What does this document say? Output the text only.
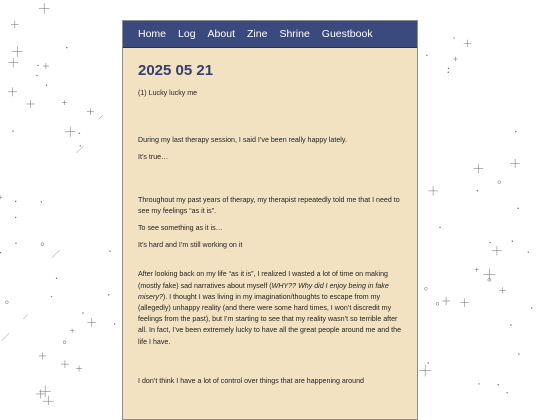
Home Log About Zine Shrine Guestbook
2025 05 21

(1) Lucky lucky me

During my last therapy session, I said I’ve been really happy lately.

It’s true…

Throughout my past years of therapy, my therapist repeatedly told me that I need to see my feelings “as it is”.

To see something as it is…

It’s hard and I’m still working on it

After looking back on my life “as it is”, I realized I wasted a lot of time on making (mostly fake) sad narratives about myself (WHY?? Why did I enjoy being in fake misery?). I thought I was living in my imagination/thoughts to escape from my (allegedly) unhappy reality (and there were some hard times, I won’t discredit my feelings from the past), but I’m starting to see that my reality wasn’t so terrible after all. In fact, I’ve been extremely lucky to have all the great people around me and the life I have.

I don’t think I have a lot of control over things that are happening around
